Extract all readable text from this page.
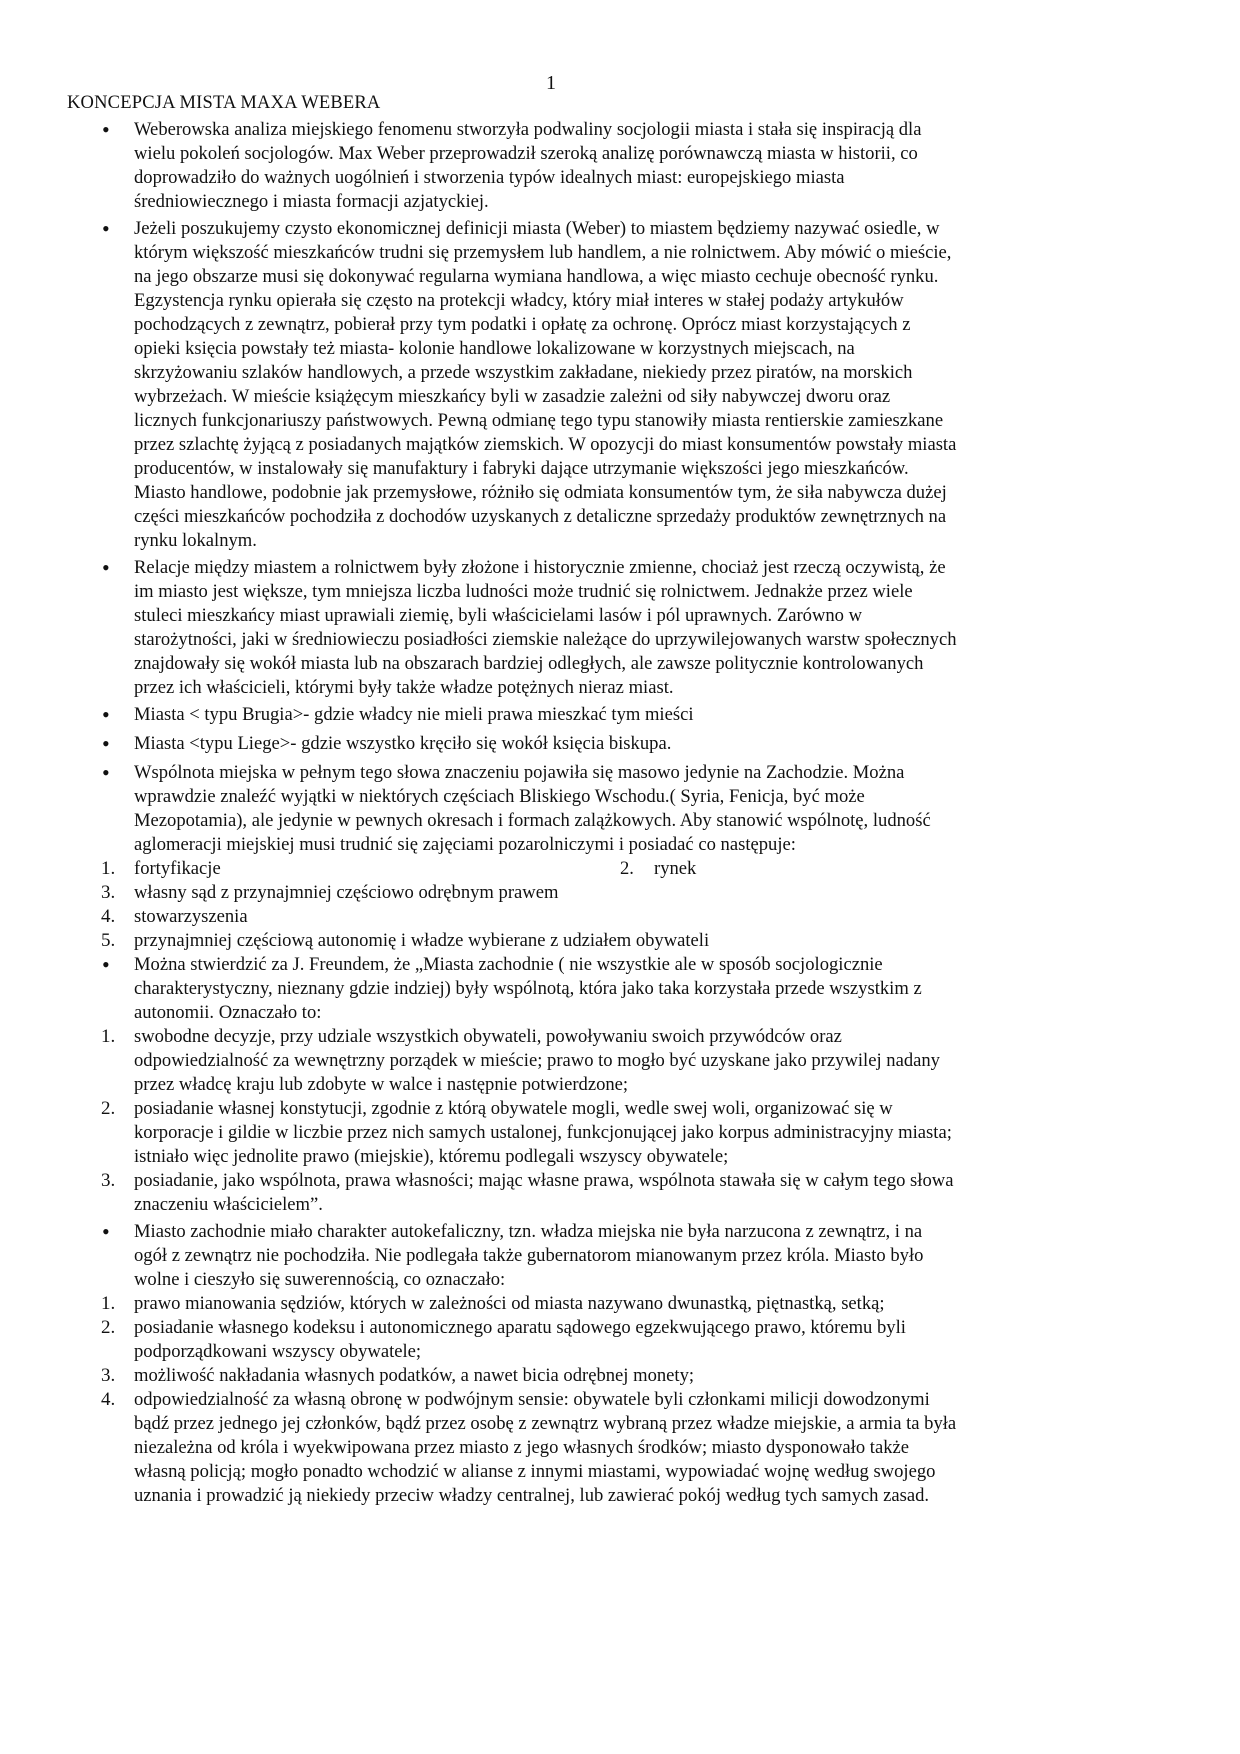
1
KONCEPCJA MISTA MAXA WEBERA
•	Weberowska analiza miejskiego fenomenu stworzyła podwaliny socjologii miasta i stała się inspiracją dla
wielu pokoleń socjologów. Max Weber przeprowadził szeroką analizę porównawczą miasta w historii, co
doprowadziło do ważnych uogólnień i stworzenia typów idealnych miast: europejskiego miasta
średniowiecznego i miasta formacji azjatyckiej.
•	Jeżeli poszukujemy czysto ekonomicznej definicji miasta (Weber) to miastem będziemy nazywać osiedle, w
którym większość mieszkańców trudni się przemysłem lub handlem, a nie rolnictwem. Aby mówić o mieście,
na jego obszarze musi się dokonywać regularna wymiana handlowa, a więc miasto cechuje obecność rynku.
Egzystencja rynku opierała się często na protekcji władcy, który miał interes w stałej podaży artykułów
pochodzących z zewnątrz, pobierał przy tym podatki i opłatę za ochronę. Oprócz miast korzystających z
opieki księcia powstały też miasta- kolonie handlowe lokalizowane w korzystnych miejscach, na
skrzyżowaniu szlaków handlowych, a przede wszystkim zakładane, niekiedy przez piratów, na morskich
wybrzeżach. W mieście książęcym mieszkańcy byli w zasadzie zależni od siły nabywczej dworu oraz
licznych funkcjonariuszy państwowych. Pewną odmianę tego typu stanowiły miasta rentierskie zamieszkane
przez szlachtę żyjącą z posiadanych majątków ziemskich. W opozycji do miast konsumentów powstały miasta
producentów, w instalowały się manufaktury i fabryki dające utrzymanie większości jego mieszkańców.
Miasto handlowe, podobnie jak przemysłowe, różniło się odmiata konsumentów tym, że siła nabywcza dużej
części mieszkańców pochodziła z dochodów uzyskanych z detaliczne sprzedaży produktów zewnętrznych na
rynku lokalnym.
•	Relacje między miastem a rolnictwem były złożone i historycznie zmienne, chociaż jest rzeczą oczywistą, że
im miasto jest większe, tym mniejsza liczba ludności może trudnić się rolnictwem. Jednakże przez wiele
stuleci mieszkańcy miast uprawiali ziemię, byli właścicielami lasów i pól uprawnych. Zarówno w
starożytności, jaki w średniowieczu posiadłości ziemskie należące do uprzywilejowanych warstw społecznych
znajdowały się wokół miasta lub na obszarach bardziej odległych, ale zawsze politycznie kontrolowanych
przez ich właścicieli, którymi były także władze potężnych nieraz miast.
•	Miasta < typu Brugia>- gdzie władcy nie mieli prawa mieszkać tym mieści
•	Miasta <typu Liege>- gdzie wszystko kręciło się wokół księcia biskupa.
•	Wspólnota miejska w pełnym tego słowa znaczeniu pojawiła się masowo jedynie na Zachodzie. Można
wprawdzie znaleźć wyjątki w niektórych częściach Bliskiego Wschodu.( Syria, Fenicja, być może
Mezopotamia), ale jedynie w pewnych okresach i formach zalążkowych. Aby stanowić wspólnotę, ludność
aglomeracji miejskiej musi trudnić się zajęciami pozarolniczymi i posiadać co następuje:
1.	fortyfikacje	2. rynek
3.	własny sąd z przynajmniej częściowo odrębnym prawem
4.	stowarzyszenia
5.	przynajmniej częściową autonomię i władze wybierane z udziałem obywateli
•	Można stwierdzić za J. Freundem, że „Miasta zachodnie ( nie wszystkie ale w sposób socjologicznie
charakterystyczny, nieznany gdzie indziej) były wspólnotą, która jako taka korzystała przede wszystkim z
autonomii. Oznaczało to:
1.	swobodne decyzje, przy udziale wszystkich obywateli, powoływaniu swoich przywódców oraz
odpowiedzialność za wewnętrzny porządek w mieście; prawo to mogło być uzyskane jako przywilej nadany
przez władcę kraju lub zdobyte w walce i następnie potwierdzone;
2.	posiadanie własnej konstytucji, zgodnie z którą obywatele mogli, wedle swej woli, organizować się w
korporacje i gildie w liczbie przez nich samych ustalonej, funkcjonującej jako korpus administracyjny miasta;
istniało więc jednolite prawo (miejskie), któremu podlegali wszyscy obywatele;
3.	posiadanie, jako wspólnota, prawa własności; mając własne prawa, wspólnota stawała się w całym tego słowa
znaczeniu właścicielem”.
•	Miasto zachodnie miało charakter autokefaliczny, tzn. władza miejska nie była narzucona z zewnątrz, i na
ogół z zewnątrz nie pochodziła. Nie podlegała także gubernatorom mianowanym przez króla. Miasto było
wolne i cieszyło się suwerennością, co oznaczało:
1.	prawo mianowania sędziów, których w zależności od miasta nazywano dwunastką, piętnastką, setką;
2.	posiadanie własnego kodeksu i autonomicznego aparatu sądowego egzekwującego prawo, któremu byli
podporządkowani wszyscy obywatele;
3.	możliwość nakładania własnych podatków, a nawet bicia odrębnej monety;
4.	odpowiedzialność za własną obronę w podwójnym sensie: obywatele byli członkami milicji dowodzonymi
bądź przez jednego jej członków, bądź przez osobę z zewnątrz wybraną przez władze miejskie, a armia ta była
niezależna od króla i wyekwipowana przez miasto z jego własnych środków; miasto dysponowało także
własną policją; mogło ponadto wchodzić w alianse z innymi miastami, wypowiadać wojnę według swojego
uznania i prowadzić ją niekiedy przeciw władzy centralnej, lub zawierać pokój według tych samych zasad.
